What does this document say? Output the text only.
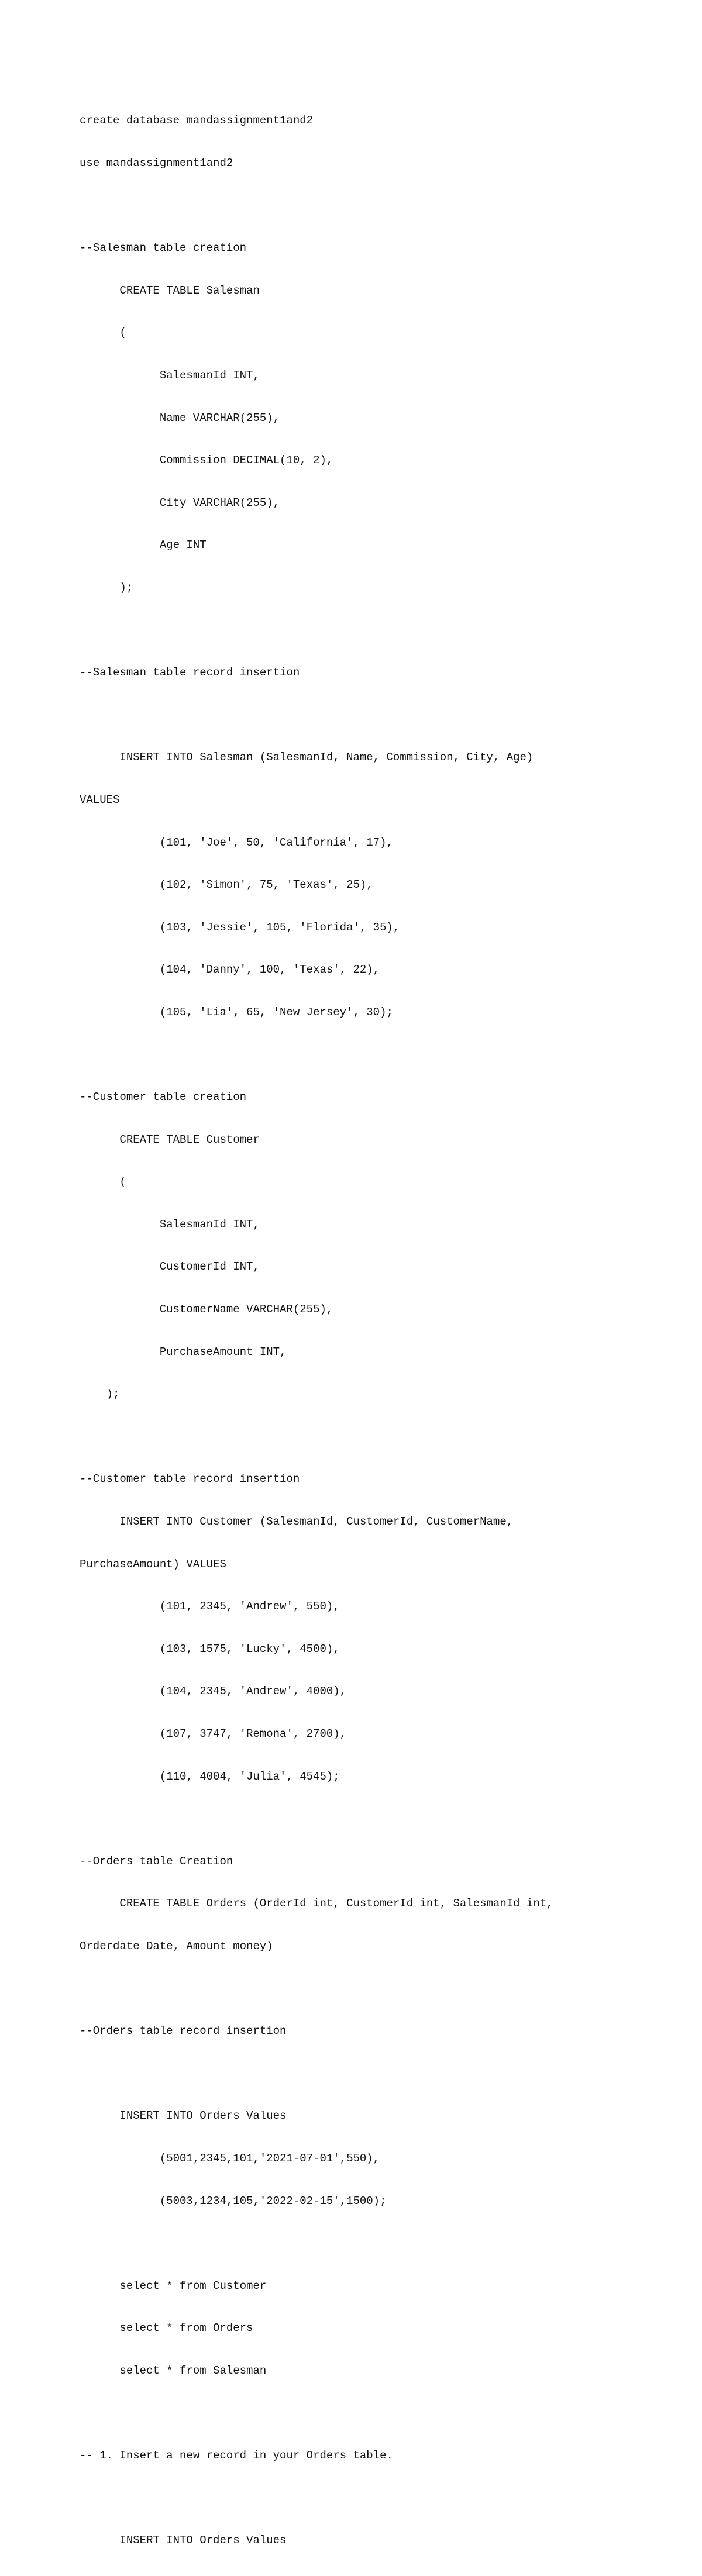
create database mandassignment1and2

use mandassignment1and2

--Salesman table creation

CREATE TABLE Salesman

(

SalesmanId INT,

Name VARCHAR(255),

Commission DECIMAL(10, 2),

City VARCHAR(255),

Age INT

);

--Salesman table record insertion

INSERT INTO Salesman (SalesmanId, Name, Commission, City, Age)

VALUES

(101, 'Joe', 50, 'California', 17),

(102, 'Simon', 75, 'Texas', 25),

(103, 'Jessie', 105, 'Florida', 35),

(104, 'Danny', 100, 'Texas', 22),

(105, 'Lia', 65, 'New Jersey', 30);

--Customer table creation

CREATE TABLE Customer

(

SalesmanId INT,

CustomerId INT,

CustomerName VARCHAR(255),

PurchaseAmount INT,

);

--Customer table record insertion

INSERT INTO Customer (SalesmanId, CustomerId, CustomerName,

PurchaseAmount) VALUES

(101, 2345, 'Andrew', 550),

(103, 1575, 'Lucky', 4500),

(104, 2345, 'Andrew', 4000),

(107, 3747, 'Remona', 2700),

(110, 4004, 'Julia', 4545);

--Orders table Creation

CREATE TABLE Orders (OrderId int, CustomerId int, SalesmanId int,

Orderdate Date, Amount money)

--Orders table record insertion

INSERT INTO Orders Values

(5001,2345,101,'2021-07-01',550),

(5003,1234,105,'2022-02-15',1500);

select * from Customer

select * from Orders

select * from Salesman

-- 1. Insert a new record in your Orders table.

INSERT INTO Orders Values
